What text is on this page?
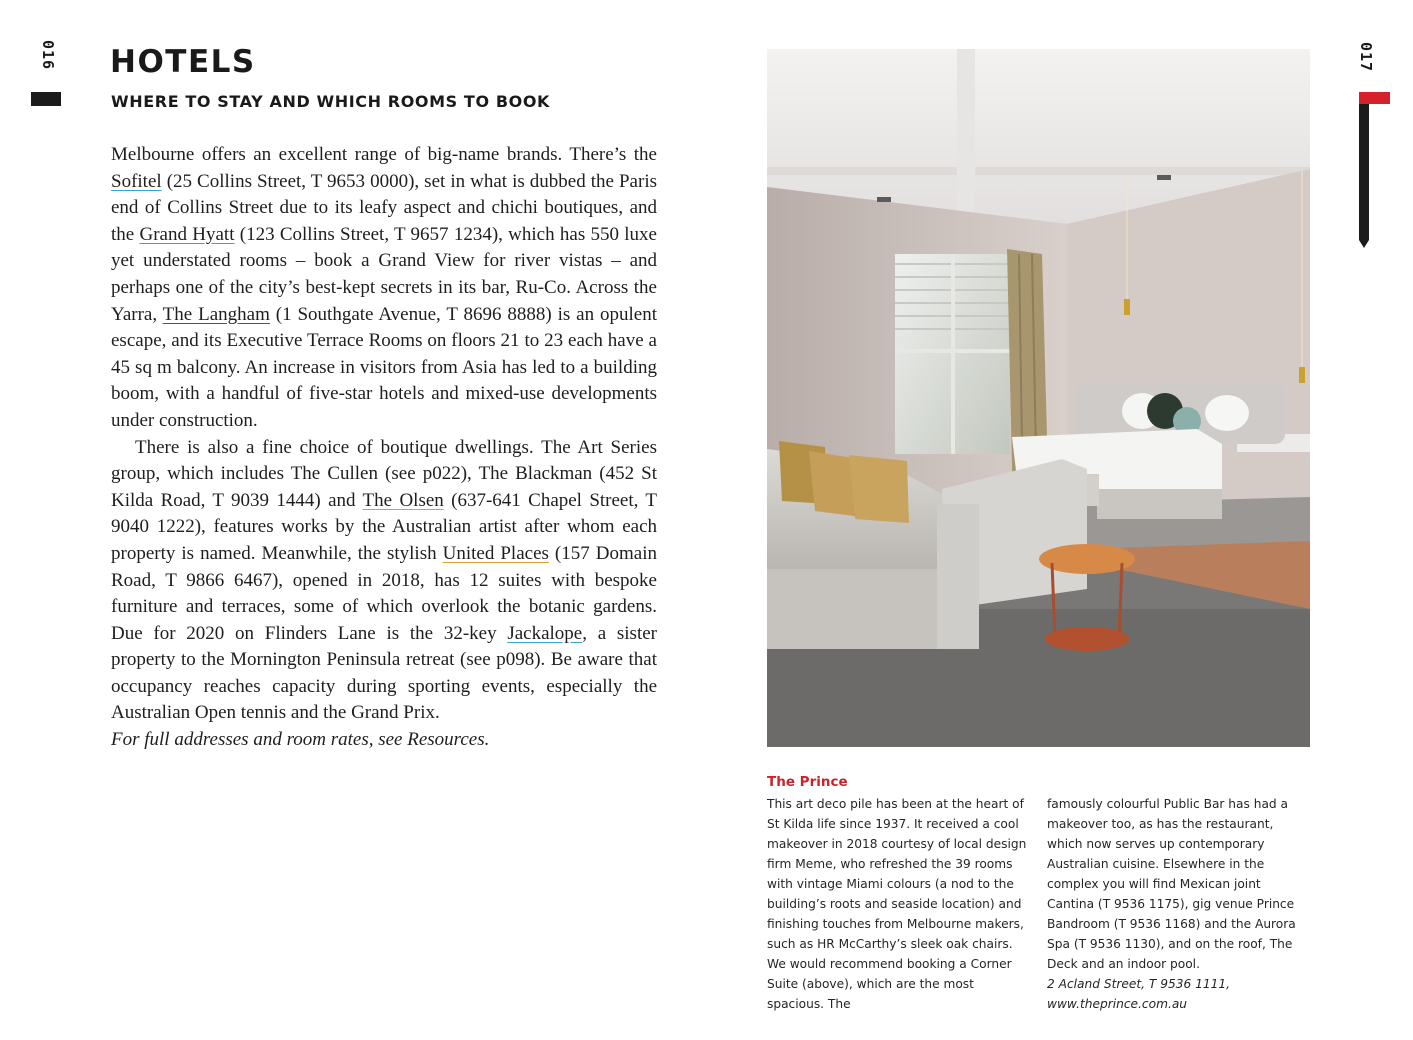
016	017
HOTELS
WHERE TO STAY AND WHICH ROOMS TO BOOK

Melbourne offers an excellent range of big-name brands. There’s the Sofitel (25 Collins Street, T 9653 0000), set in what is dubbed the Paris end of Collins Street due to its leafy aspect and chichi boutiques, and the Grand Hyatt (123 Collins Street, T 9657 1234), which has 550 luxe yet understated rooms – book a Grand View for river vistas – and perhaps one of the city’s best-kept secrets in its bar, Ru-Co. Across the Yarra, The Langham (1 Southgate Avenue, T 8696 8888) is an opulent escape, and its Executive Terrace Rooms on floors 21 to 23 each have a 45 sq m balcony. An increase in visitors from Asia has led to a building boom, with a handful of five-star hotels and mixed-use developments under construction.

There is also a fine choice of boutique dwellings. The Art Series group, which includes The Cullen (see p022), The Blackman (452 St Kilda Road, T 9039 1444) and The Olsen (637-641 Chapel Street, T 9040 1222), features works by the Australian artist after whom each property is named. Meanwhile, the stylish United Places (157 Domain Road, T 9866 6467), opened in 2018, has 12 suites with bespoke furniture and terraces, some of which overlook the botanic gardens. Due for 2020 on Flinders Lane is the 32-key Jackalope, a sister property to the Mornington Peninsula retreat (see p098). Be aware that occupancy reaches capacity during sporting events, especially the Australian Open tennis and the Grand Prix.

For full addresses and room rates, see Resources.

The Prince

This art deco pile has been at the heart of St Kilda life since 1937. It received a cool makeover in 2018 courtesy of local design firm Meme, who refreshed the 39 rooms with vintage Miami colours (a nod to the building’s roots and seaside location) and finishing touches from Melbourne makers, such as HR McCarthy’s sleek oak chairs. We would recommend booking a Corner Suite (above), which are the most spacious. The

famously colourful Public Bar has had a makeover too, as has the restaurant, which now serves up contemporary Australian cuisine. Elsewhere in the complex you will find Mexican joint Cantina (T 9536 1175), gig venue Prince Bandroom (T 9536 1168) and the Aurora Spa (T 9536 1130), and on the roof, The Deck and an indoor pool.

2 Acland Street, T 9536 1111,

www.theprince.com.au
